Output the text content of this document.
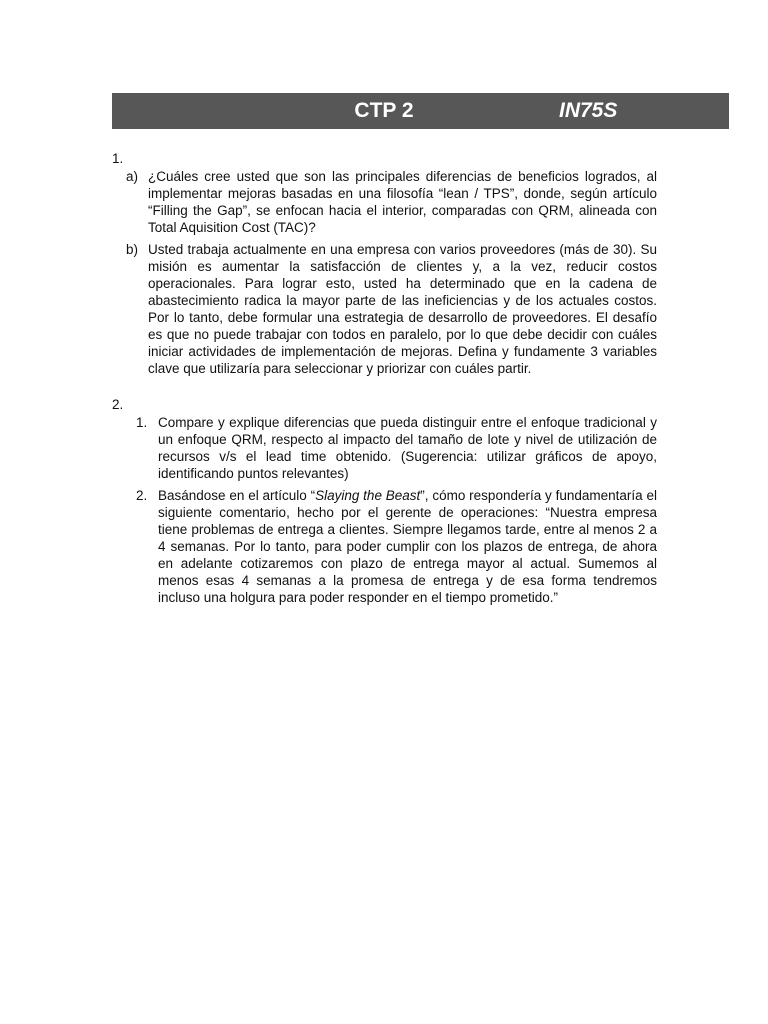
CTP 2	IN75S

1.

a) ¿Cuáles cree usted que son las principales diferencias de beneficios logrados, al implementar mejoras basadas en una filosofía “lean / TPS”, donde, según artículo “Filling the Gap”, se enfocan hacia el interior, comparadas con QRM, alineada con Total Aquisition Cost (TAC)?
b) Usted trabaja actualmente en una empresa con varios proveedores (más de 30). Su misión es aumentar la satisfacción de clientes y, a la vez, reducir costos operacionales. Para lograr esto, usted ha determinado que en la cadena de abastecimiento radica la mayor parte de las ineficiencias y de los actuales costos. Por lo tanto, debe formular una estrategia de desarrollo de proveedores. El desafío es que no puede trabajar con todos en paralelo, por lo que debe decidir con cuáles iniciar actividades de implementación de mejoras. Defina y fundamente 3 variables clave que utilizaría para seleccionar y priorizar con cuáles partir.

2.

1. Compare y explique diferencias que pueda distinguir entre el enfoque tradicional y un enfoque QRM, respecto al impacto del tamaño de lote y nivel de utilización de recursos v/s el lead time obtenido. (Sugerencia: utilizar gráficos de apoyo, identificando puntos relevantes)
2. Basándose en el artículo “Slaying the Beast”, cómo respondería y fundamentaría el siguiente comentario, hecho por el gerente de operaciones: “Nuestra empresa tiene problemas de entrega a clientes. Siempre llegamos tarde, entre al menos 2 a 4 semanas. Por lo tanto, para poder cumplir con los plazos de entrega, de ahora en adelante cotizaremos con plazo de entrega mayor al actual. Sumemos al menos esas 4 semanas a la promesa de entrega y de esa forma tendremos incluso una holgura para poder responder en el tiempo prometido.”
